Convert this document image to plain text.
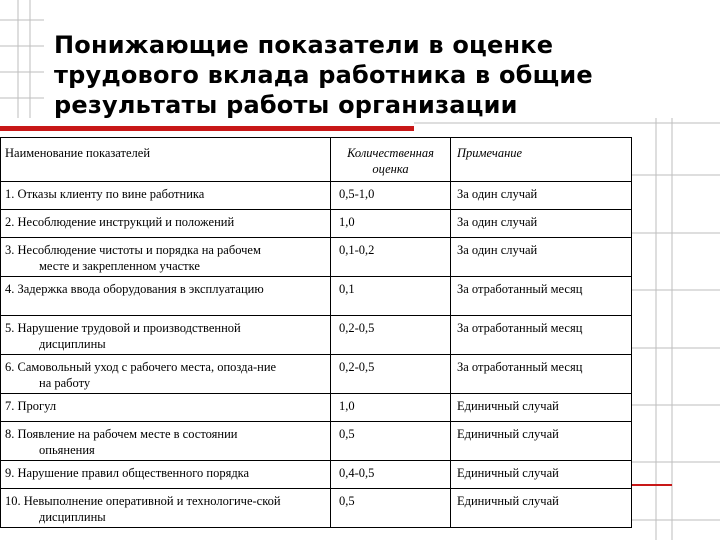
Понижающие показатели в оценке
трудового вклада работника в общие
результаты работы организации
Наименование показателей	Количественная оценка	Примечание
1. Отказы клиенту по вине работника	0,5-1,0	За один случай
2. Несоблюдение инструкций и положений	1,0	За один случай

3. Несоблюдение чистоты и порядка на рабочем
месте и закрепленном участке	0,1-0,2	За один случай
4. Задержка ввода оборудования в эксплуатацию	0,1	За отработанный месяц

5. Нарушение трудовой и производственной
дисциплины	0,2-0,5	За отработанный месяц

6. Самовольный уход с рабочего места, опозда-ние
на работу	0,2-0,5	За отработанный месяц
7. Прогул	1,0	Единичный случай

8. Появление на рабочем месте в состоянии
опьянения	0,5	Единичный случай
9. Нарушение правил общественного порядка	0,4-0,5	Единичный случай

10. Невыполнение оперативной и технологиче-ской
дисциплины	0,5	Единичный случай
